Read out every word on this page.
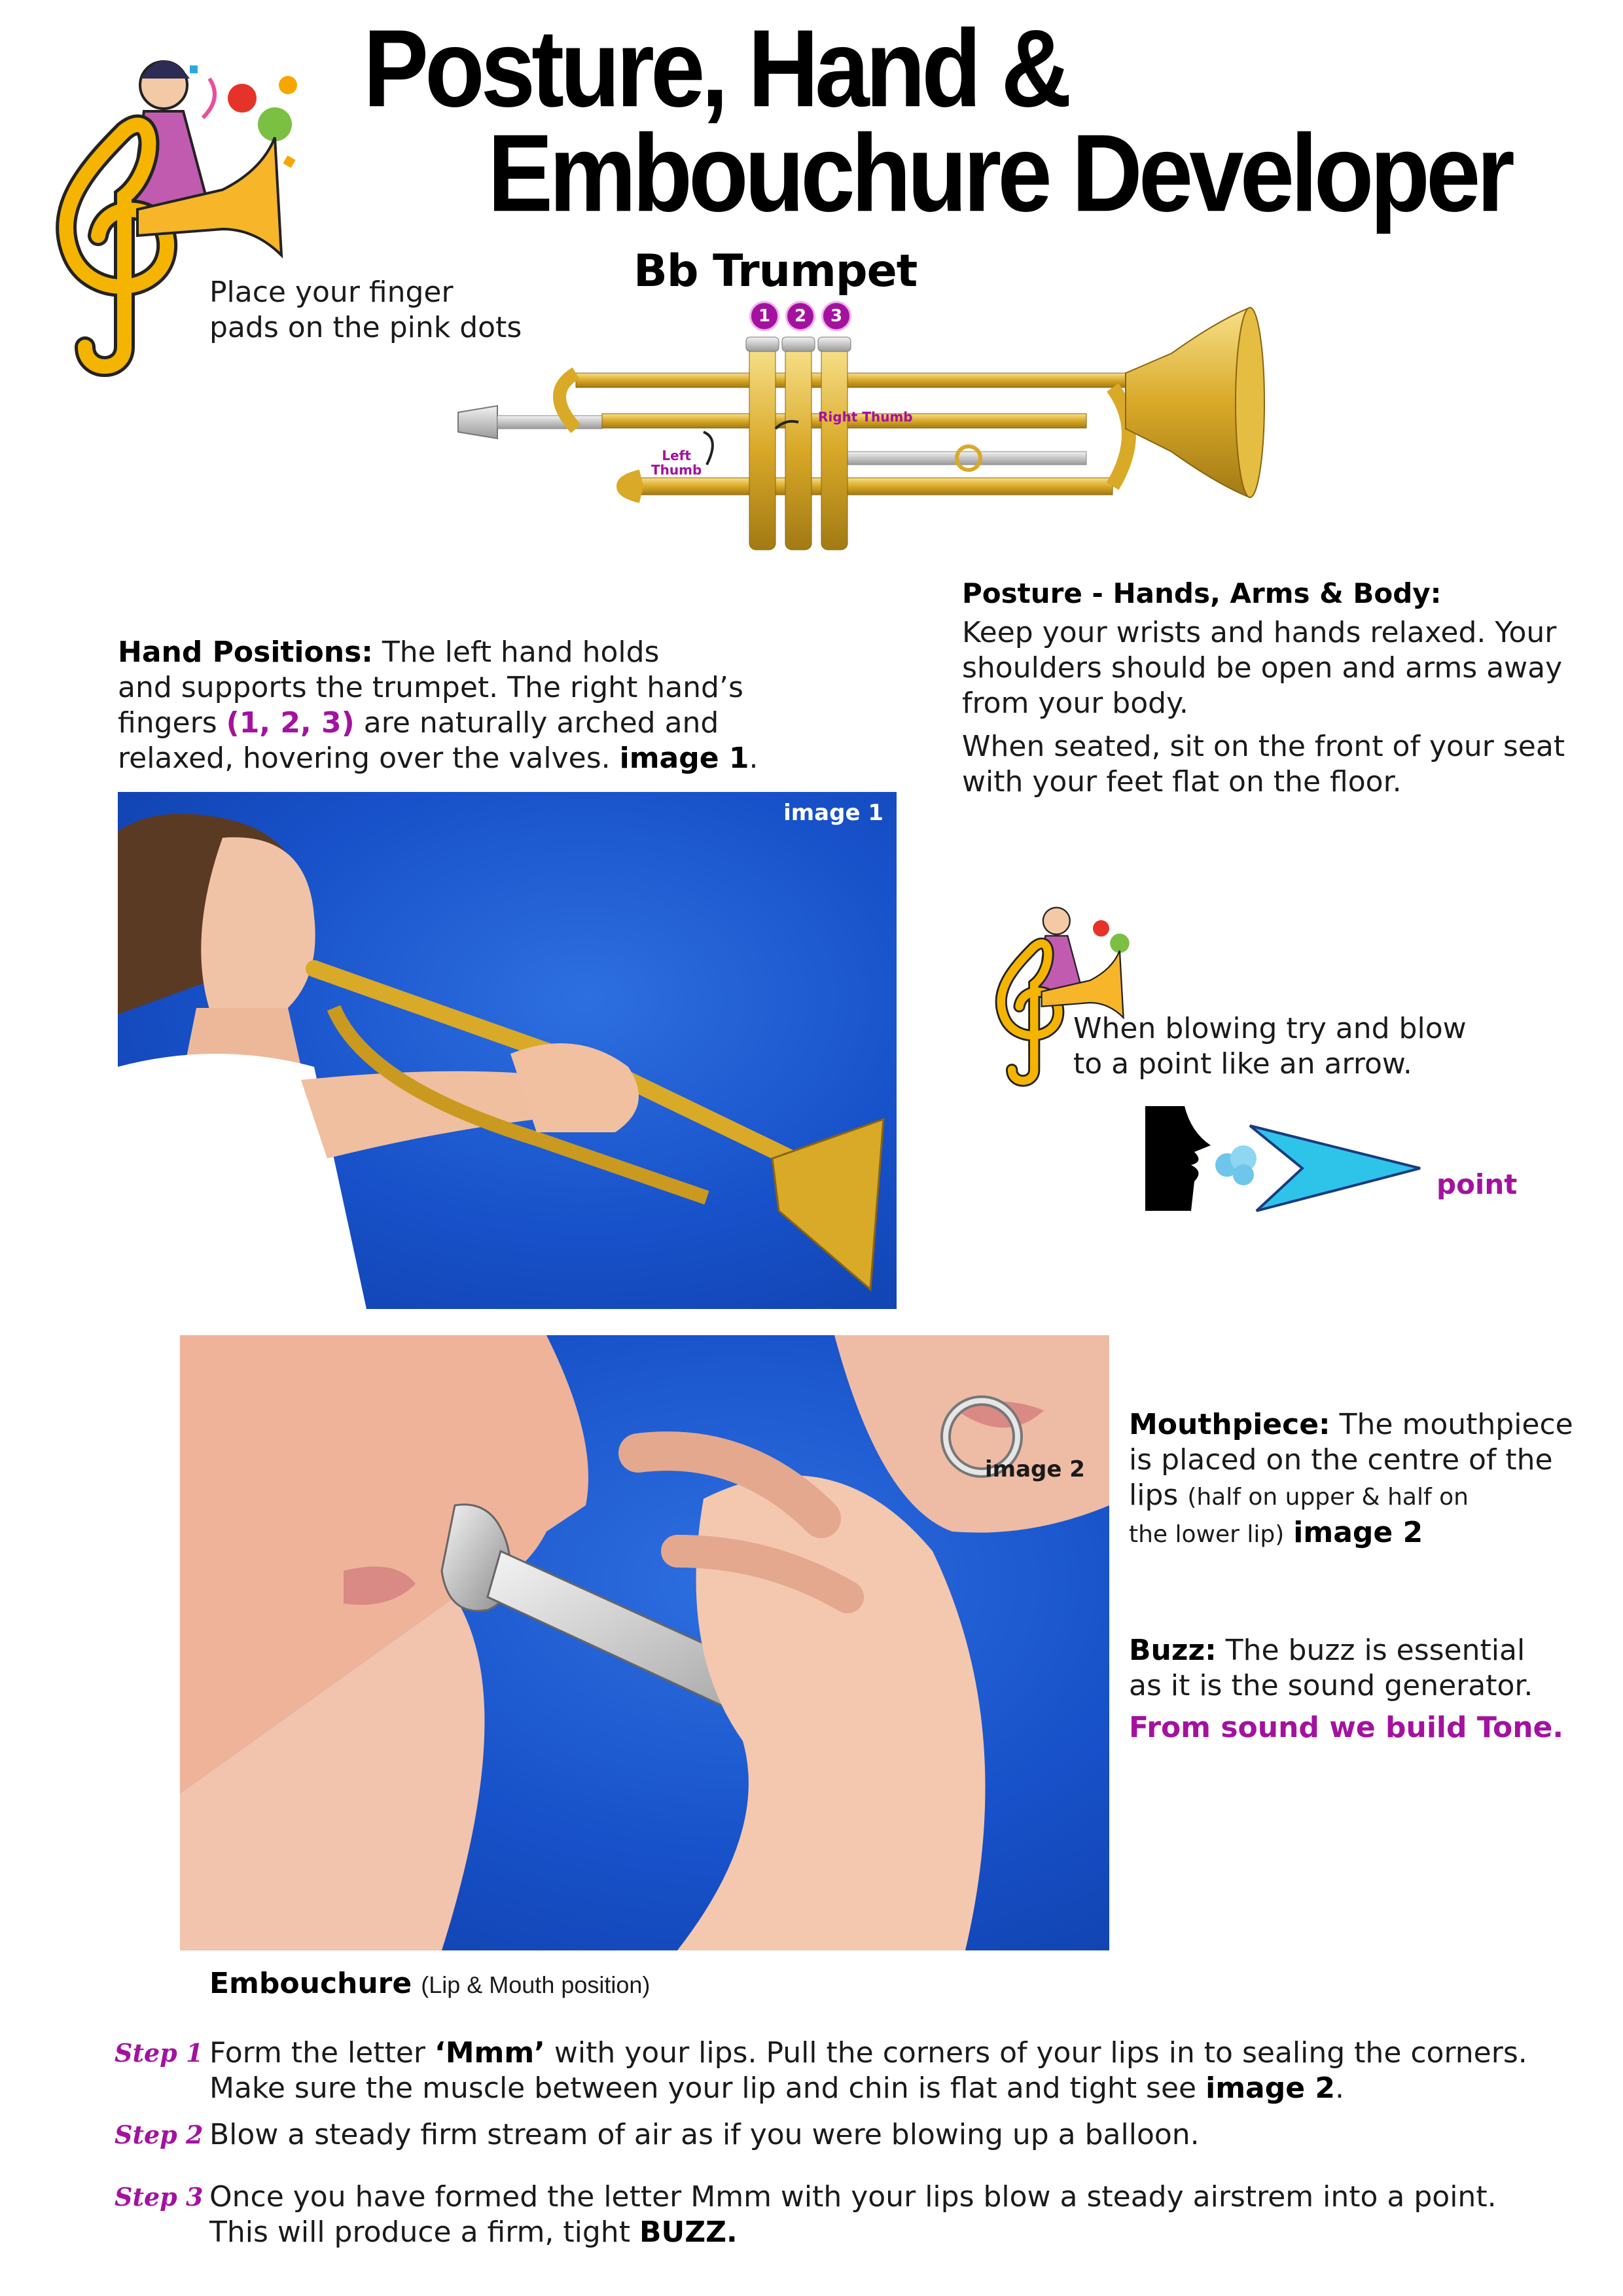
Posture, Hand &
Embouchure Developer
Bb Trumpet
Place your finger
pads on the pink dots	1	2	3
Right Thumb
Left
Thumb
Hand Positions: The left hand holds
and supports the trumpet. The right hand’s
fingers (1, 2, 3) are naturally arched and
relaxed, hovering over the valves. image 1.
Posture - Hands, Arms & Body:
Keep your wrists and hands relaxed. Your
shoulders should be open and arms away
from your body.
When seated, sit on the front of your seat
with your feet flat on the floor.
image 1
When blowing try and blow
to a point like an arrow.
point
image 2
Mouthpiece: The mouthpiece
is placed on the centre of the
lips (half on upper & half on
the lower lip) image 2
Buzz: The buzz is essential
as it is the sound generator.
From sound we build Tone.
Embouchure (Lip & Mouth position)
Step 1 Form the letter ‘Mmm’ with your lips. Pull the corners of your lips in to sealing the corners.
Make sure the muscle between your lip and chin is flat and tight see image 2.
Step 2 Blow a steady firm stream of air as if you were blowing up a balloon.
Step 3 Once you have formed the letter Mmm with your lips blow a steady airstrem into a point.
This will produce a firm, tight BUZZ.
